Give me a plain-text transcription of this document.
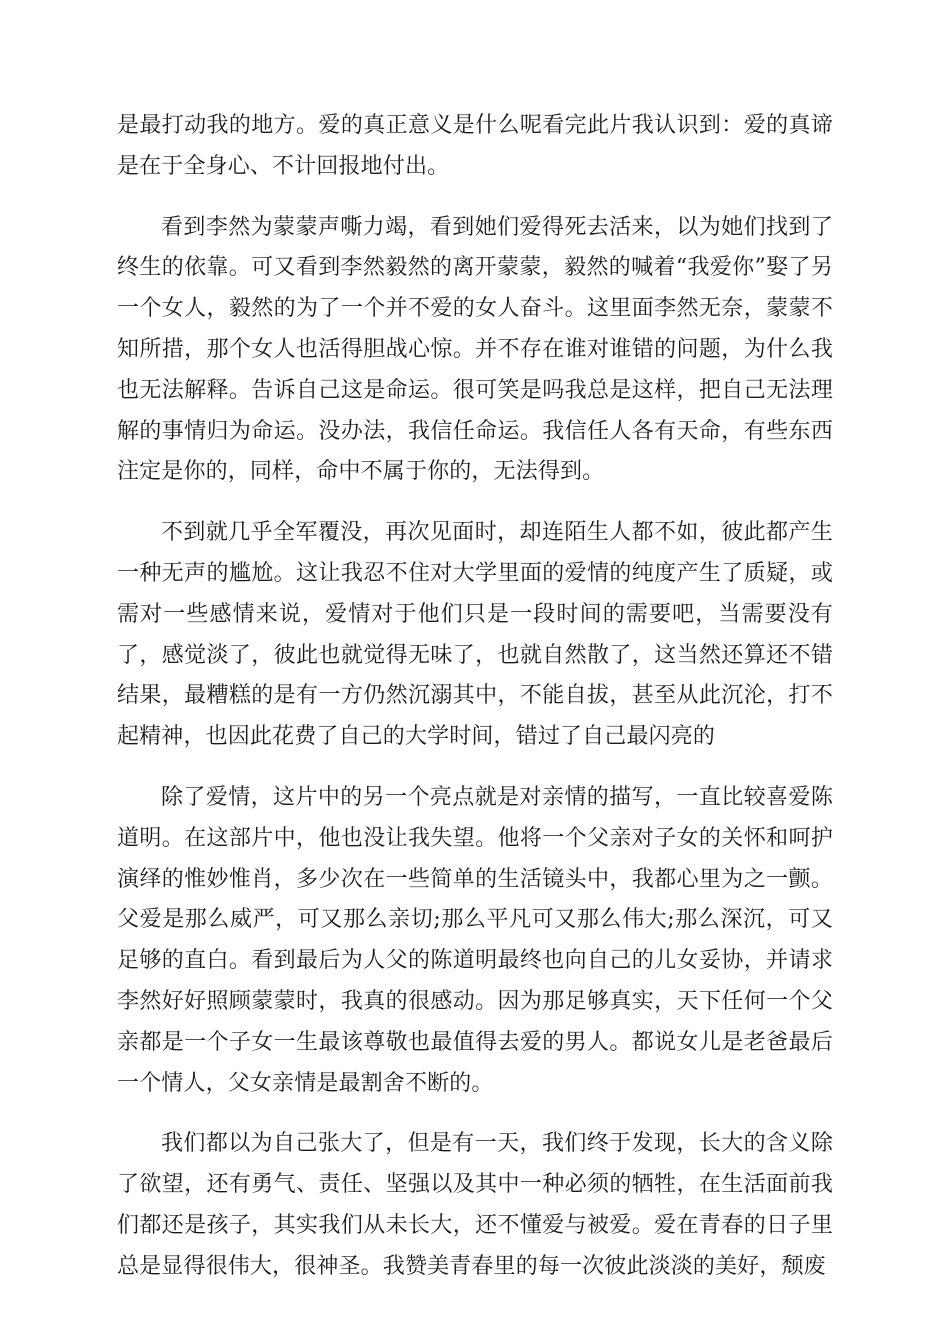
是最打动我的地方。爱的真正意义是什么呢看完此片我认识到：爱的真谛是在于全身心、不计回报地付出。

看到李然为蒙蒙声嘶力竭，看到她们爱得死去活来，以为她们找到了终生的依靠。可又看到李然毅然的离开蒙蒙，毅然的喊着“我爱你”娶了另一个女人，毅然的为了一个并不爱的女人奋斗。这里面李然无奈，蒙蒙不知所措，那个女人也活得胆战心惊。并不存在谁对谁错的问题，为什么我也无法解释。告诉自己这是命运。很可笑是吗我总是这样，把自己无法理解的事情归为命运。没办法，我信任命运。我信任人各有天命，有些东西注定是你的，同样，命中不属于你的，无法得到。

不到就几乎全军覆没，再次见面时，却连陌生人都不如，彼此都产生一种无声的尴尬。这让我忍不住对大学里面的爱情的纯度产生了质疑，或需对一些感情来说，爱情对于他们只是一段时间的需要吧，当需要没有了，感觉淡了，彼此也就觉得无味了，也就自然散了，这当然还算还不错结果，最糟糕的是有一方仍然沉溺其中，不能自拔，甚至从此沉沦，打不起精神，也因此花费了自己的大学时间，错过了自己最闪亮的

除了爱情，这片中的另一个亮点就是对亲情的描写，一直比较喜爱陈道明。在这部片中，他也没让我失望。他将一个父亲对子女的关怀和呵护演绎的惟妙惟肖，多少次在一些简单的生活镜头中，我都心里为之一颤。父爱是那么威严，可又那么亲切;那么平凡可又那么伟大;那么深沉，可又足够的直白。看到最后为人父的陈道明最终也向自己的儿女妥协，并请求李然好好照顾蒙蒙时，我真的很感动。因为那足够真实，天下任何一个父亲都是一个子女一生最该尊敬也最值得去爱的男人。都说女儿是老爸最后一个情人，父女亲情是最割舍不断的。

我们都以为自己张大了，但是有一天，我们终于发现，长大的含义除了欲望，还有勇气、责任、坚强以及其中一种必须的牺牲，在生活面前我们都还是孩子，其实我们从未长大，还不懂爱与被爱。爱在青春的日子里总是显得很伟大，很神圣。我赞美青春里的每一次彼此淡淡的美好，颓废
